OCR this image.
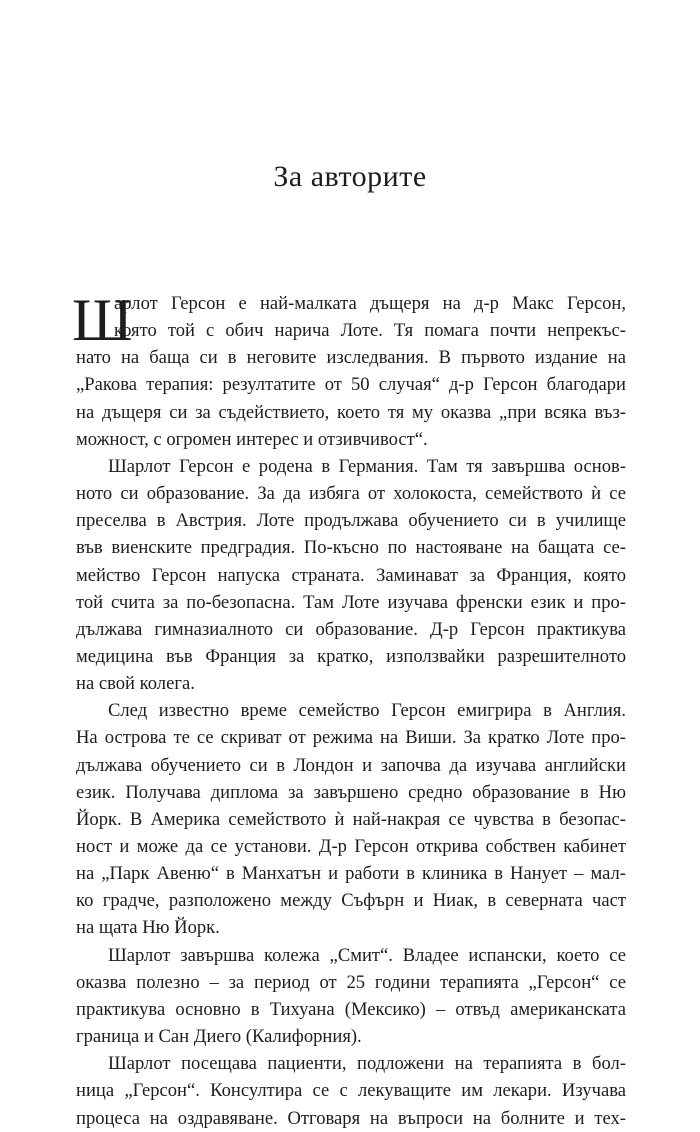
За авторите
Ш
арлот Герсон е най-малката дъщеря на д-р Макс Герсон,
която той с обич нарича Лоте. Тя помага почти непрекъс-
нато на баща си в неговите изследвания. В първото издание на
„Ракова терапия: резултатите от 50 случая“ д-р Герсон благодари
на дъщеря си за съдействието, което тя му оказва „при всяка въз-
можност, с огромен интерес и отзивчивост“.
Шарлот Герсон е родена в Германия. Там тя завършва основ-
ното си образование. За да избяга от холокоста, семейството ѝ се
преселва в Австрия. Лоте продължава обучението си в училище
във виенските предградия. По-късно по настояване на бащата се-
мейство Герсон напуска страната. Заминават за Франция, която
той счита за по-безопасна. Там Лоте изучава френски език и про-
дължава гимназиалното си образование. Д-р Герсон практикува
медицина във Франция за кратко, използвайки разрешителното
на свой колега.
След известно време семейство Герсон емигрира в Англия.
На острова те се скриват от режима на Виши. За кратко Лоте про-
дължава обучението си в Лондон и започва да изучава английски
език. Получава диплома за завършено средно образование в Ню
Йорк. В Америка семейството ѝ най-накрая се чувства в безопас-
ност и може да се установи. Д-р Герсон открива собствен кабинет
на „Парк Авеню“ в Манхатън и работи в клиника в Нанует – мал-
ко градче, разположено между Съфърн и Ниак, в северната част
на щата Ню Йорк.
Шарлот завършва колежа „Смит“. Владее испански, което се
оказва полезно – за период от 25 години терапията „Герсон“ се
практикува основно в Тихуана (Мексико) – отвъд американската
граница и Сан Диего (Калифорния).
Шарлот посещава пациенти, подложени на терапията в бол-
ница „Герсон“. Консултира се с лекуващите им лекари. Изучава
процеса на оздравяване. Отговаря на въпроси на болните и тех-
